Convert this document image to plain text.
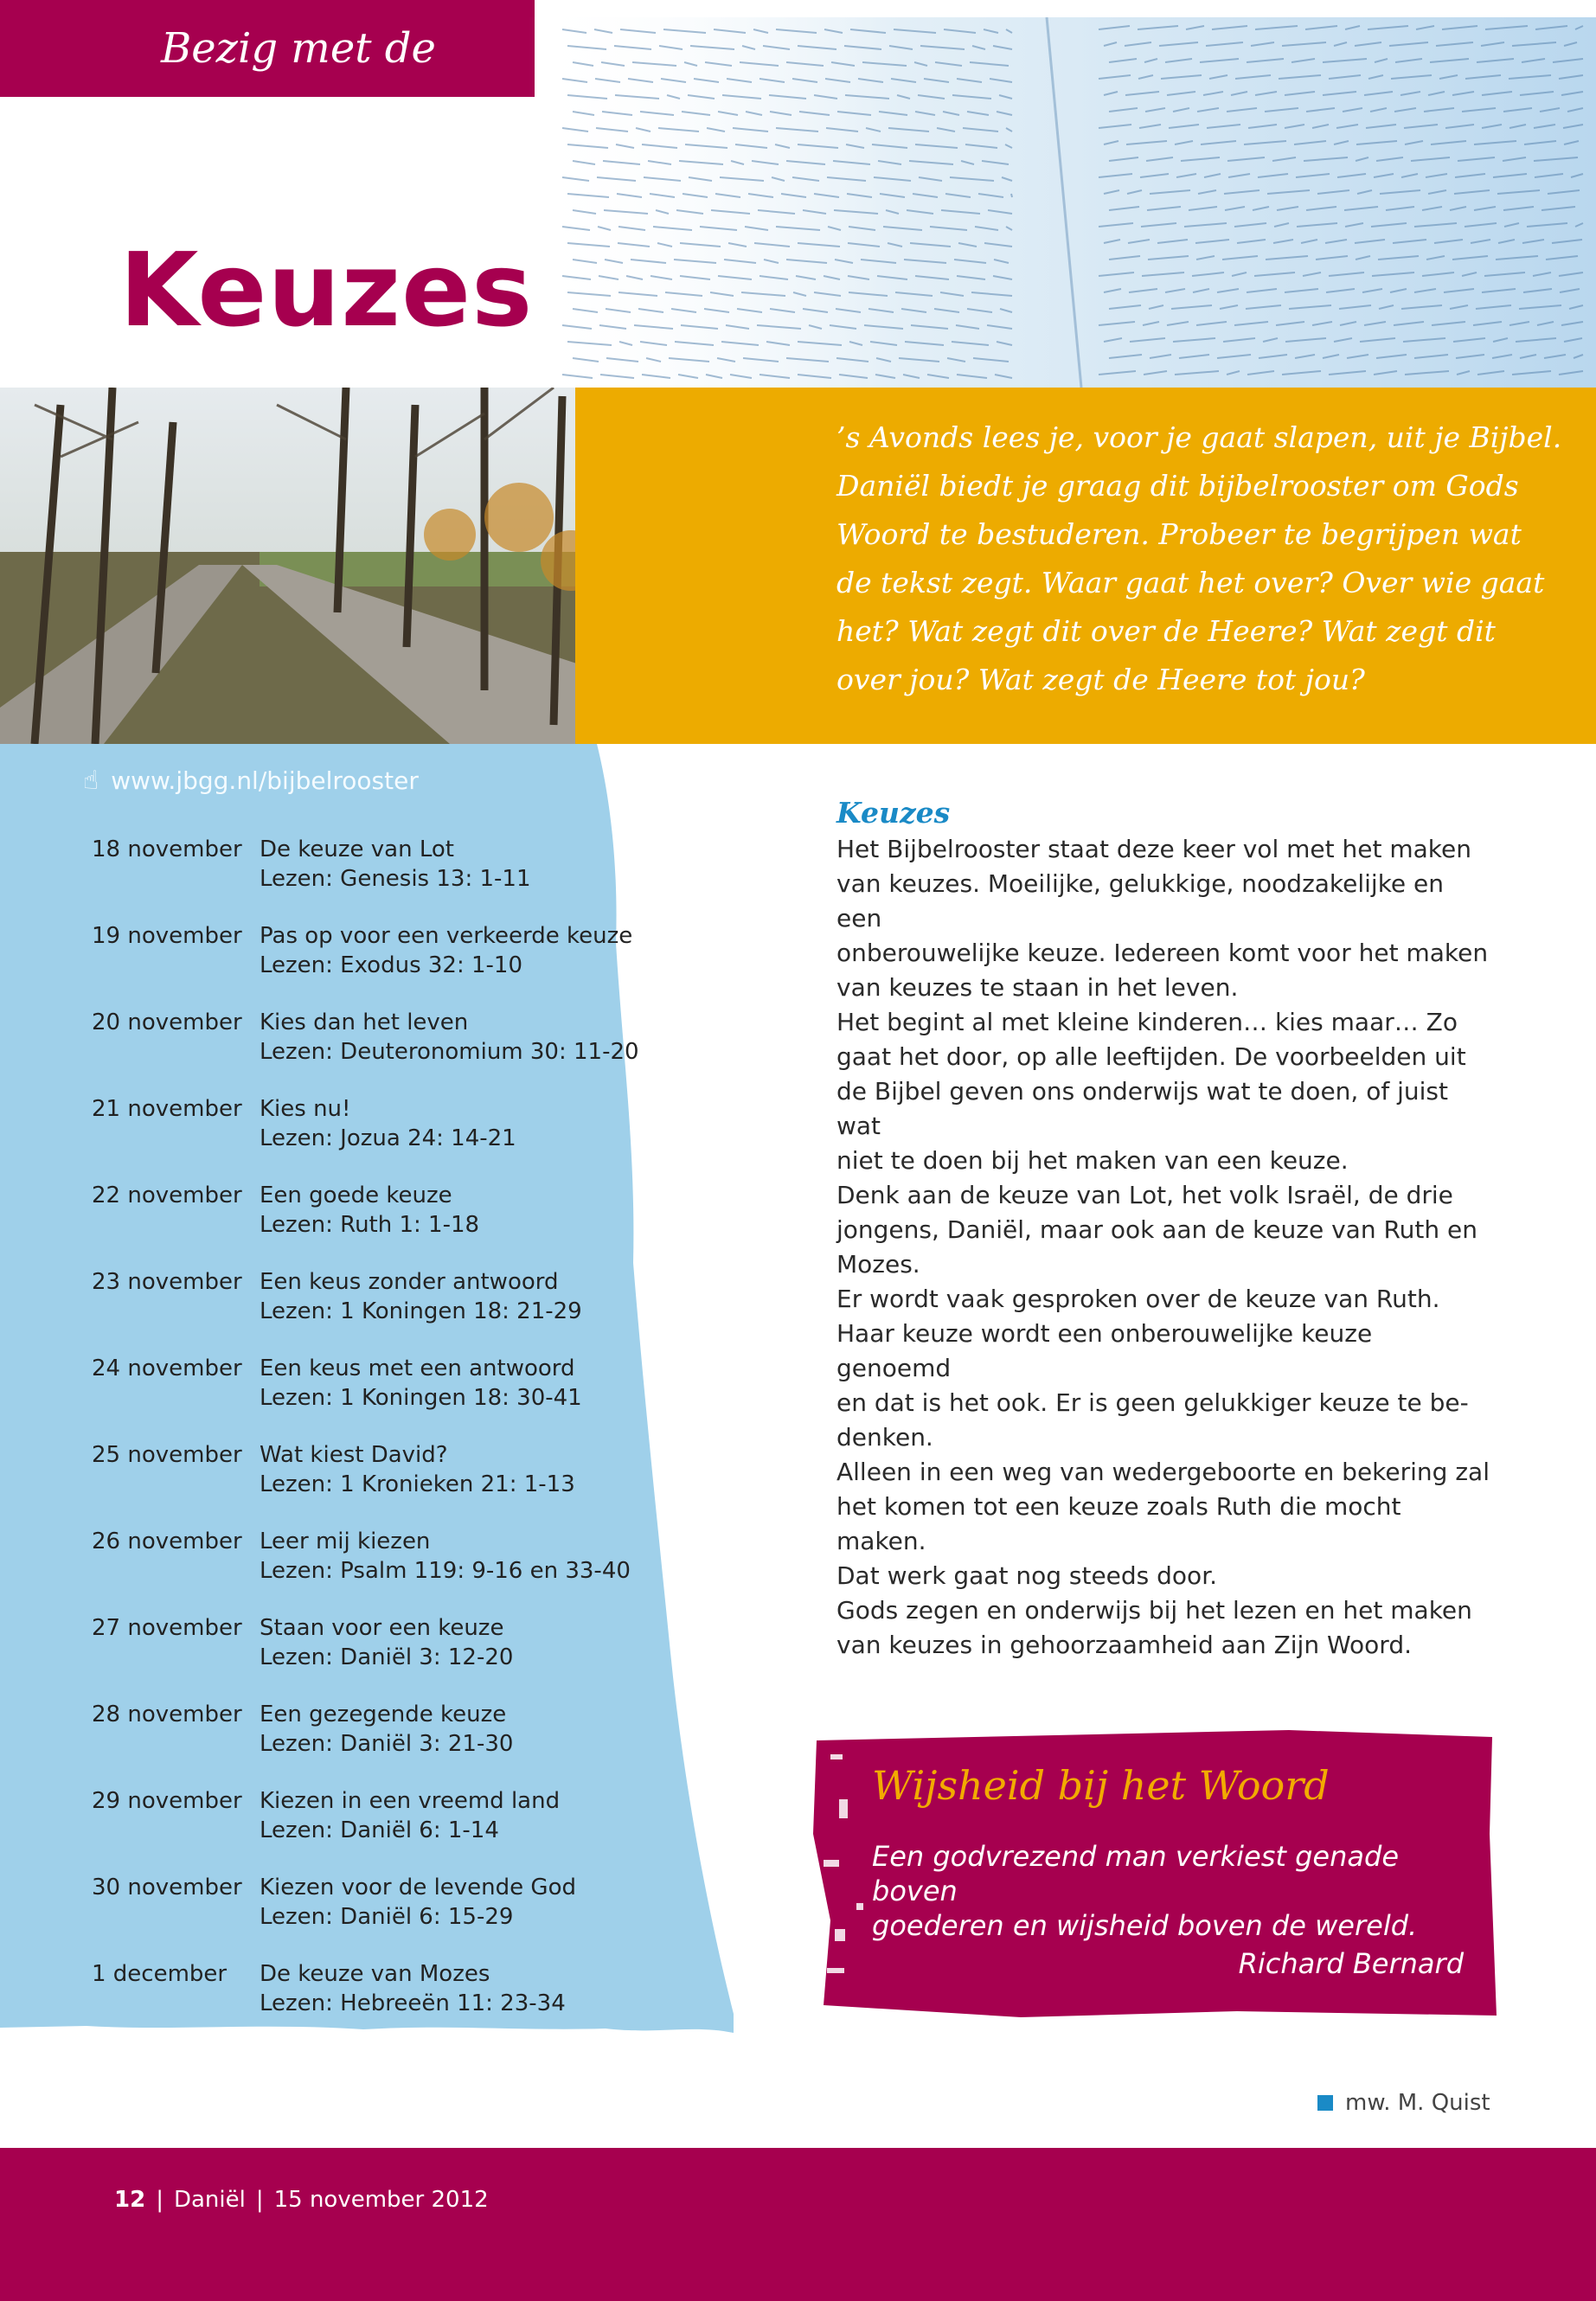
Bezig met de Bijbel
Keuzes
’s Avonds lees je, voor je gaat slapen, uit je Bijbel.
Daniël biedt je graag dit bijbelrooster om Gods
Woord te bestuderen. Probeer te begrijpen wat
de tekst zegt. Waar gaat het over? Over wie gaat
het? Wat zegt dit over de Heere? Wat zegt dit
over jou? Wat zegt de Heere tot jou?
☝ www.jbgg.nl/bijbelrooster
18 november De keuze van Lot
Lezen: Genesis 13: 1-11
19 november Pas op voor een verkeerde keuze
Lezen: Exodus 32: 1-10
20 november Kies dan het leven
Lezen: Deuteronomium 30: 11-20
21 november Kies nu!
Lezen: Jozua 24: 14-21
22 november Een goede keuze
Lezen: Ruth 1: 1-18
23 november Een keus zonder antwoord
Lezen: 1 Koningen 18: 21-29
24 november Een keus met een antwoord
Lezen: 1 Koningen 18: 30-41
25 november Wat kiest David?
Lezen: 1 Kronieken 21: 1-13
26 november Leer mij kiezen
Lezen: Psalm 119: 9-16 en 33-40
27 november Staan voor een keuze
Lezen: Daniël 3: 12-20
28 november Een gezegende keuze
Lezen: Daniël 3: 21-30
29 november Kiezen in een vreemd land
Lezen: Daniël 6: 1-14
30 november Kiezen voor de levende God
Lezen: Daniël 6: 15-29
1 december	De keuze van Mozes
Lezen: Hebreeën 11: 23-34
Keuzes

Het Bijbelrooster staat deze keer vol met het maken

van keuzes. Moeilijke, gelukkige, noodzakelijke en een

onberouwelijke keuze. Iedereen komt voor het maken

van keuzes te staan in het leven.

Het begint al met kleine kinderen… kies maar… Zo

gaat het door, op alle leeftijden. De voorbeelden uit

de Bijbel geven ons onderwijs wat te doen, of juist wat

niet te doen bij het maken van een keuze.

Denk aan de keuze van Lot, het volk Israël, de drie

jongens, Daniël, maar ook aan de keuze van Ruth en

Mozes.

Er wordt vaak gesproken over de keuze van Ruth.

Haar keuze wordt een onberouwelijke keuze genoemd

en dat is het ook. Er is geen gelukkiger keuze te be-

denken.

Alleen in een weg van wedergeboorte en bekering zal

het komen tot een keuze zoals Ruth die mocht maken.

Dat werk gaat nog steeds door.

Gods zegen en onderwijs bij het lezen en het maken

van keuzes in gehoorzaamheid aan Zijn Woord.

Wijsheid bij het Woord
Een godvrezend man verkiest genade boven
goederen en wijsheid boven de wereld.
Richard Bernard
mw. M. Quist
12 | Daniël | 15 november 2012
